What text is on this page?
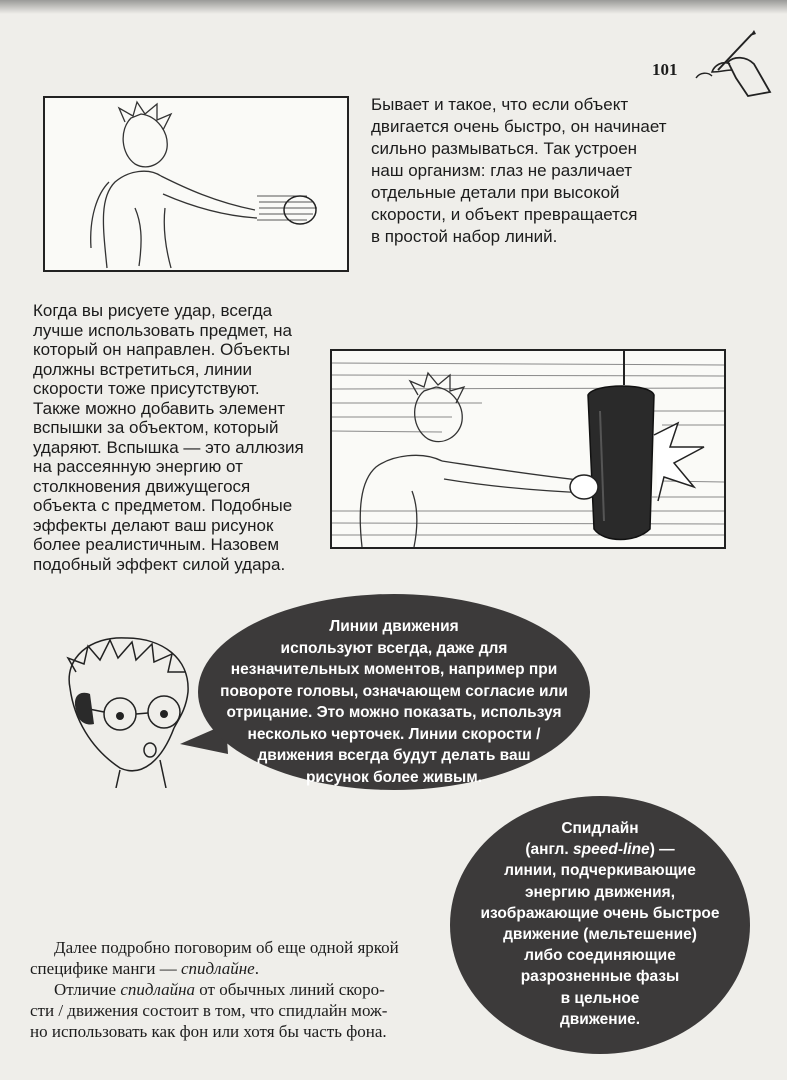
101
Бывает и такое, что если объект
двигается очень быстро, он начинает
сильно размываться. Так устроен
наш организм: глаз не различает
отдельные детали при высокой
скорости, и объект превращается
в простой набор линий.
Когда вы рисуете удар, всегда
лучше использовать предмет, на
который он направлен. Объекты
должны встретиться, линии
скорости тоже присутствуют.
Также можно добавить элемент
вспышки за объектом, который
ударяют. Вспышка — это аллюзия
на рассеянную энергию от
столкновения движущегося
объекта с предметом. Подобные
эффекты делают ваш рисунок
более реалистичным. Назовем
подобный эффект силой удара.
Линии движения
используют всегда, даже для
незначительных моментов, например при
повороте головы, означающем согласие или
отрицание. Это можно показать, используя
несколько черточек. Линии скорости /
движения всегда будут делать ваш
рисунок более живым.
Спидлайн
(англ. speed-line) —
линии, подчеркивающие
энергию движения,
изображающие очень быстрое
движение (мельтешение)
либо соединяющие
разрозненные фазы
в цельное
движение.
Далее подробно поговорим об еще одной яркой
специфике манги — спидлайне.
Отличие спидлайна от обычных линий скоро-
сти / движения состоит в том, что спидлайн мож-
но использовать как фон или хотя бы часть фона.
